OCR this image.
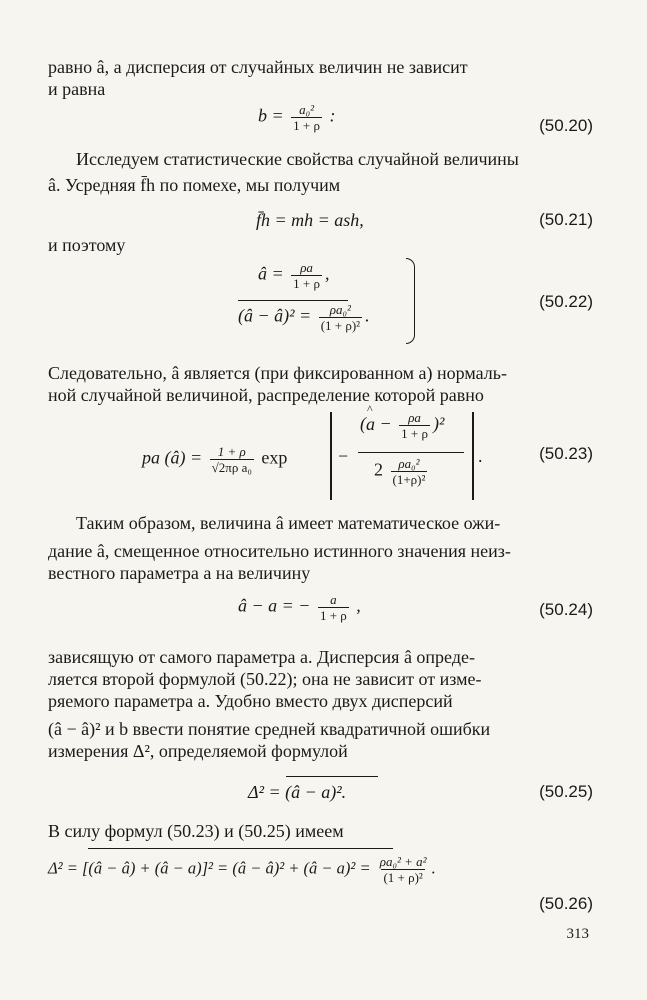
равно â, а дисперсия от случайных величин не зависит
и равна
$b = \frac{\text{a₀²}}{1 + \rho}$ :	(50.20)
Исследуем статистические свойства случайной величины
â. Усредняя f̄h по помехе, мы получим
f̄h = mh = ash,	(50.21)
и поэтому
â = $\frac{\rho a}{1 + \rho}$ ,
(â − â)² = $\frac{\text{ρa₀²}}{\text{(1 + ρ)²}}$ .
(50.22)
Следовательно, â является (при фиксированном a) нормаль-
ной случайной величиной, распределение которой равно
pa (â) = $\frac{1 + \rho}{\text{√2πρ a₀}}$ exp	−
(^ $a - \frac{\rho a}{1 + \rho} )^2$
$2 \frac{\text{ρa₀²}}{\text{(1+ρ)²}}$	.	(50.23)
Таким образом, величина â имеет математическое ожи-
дание â, смещенное относительно истинного значения неиз-
вестного параметра a на величину
â − a = − $\frac{a}{1 + \rho}$ ,	(50.24)
зависящую от самого параметра a. Дисперсия â опреде-
ляется второй формулой (50.22); она не зависит от изме-
ряемого параметра a. Удобно вместо двух дисперсий
(â − â)² и b ввести понятие средней квадратичной ошибки
измерения Δ², определяемой формулой
Δ² = (â − a)².	(50.25)
В силу формул (50.23) и (50.25) имеем
Δ² = [(â − â) + (â − a)]² = (â − â)² + (â − $a)^2 = \frac{\text{ρa₀² + a²}}{\text{(1 + ρ)²}}$ .
(50.26)
313
